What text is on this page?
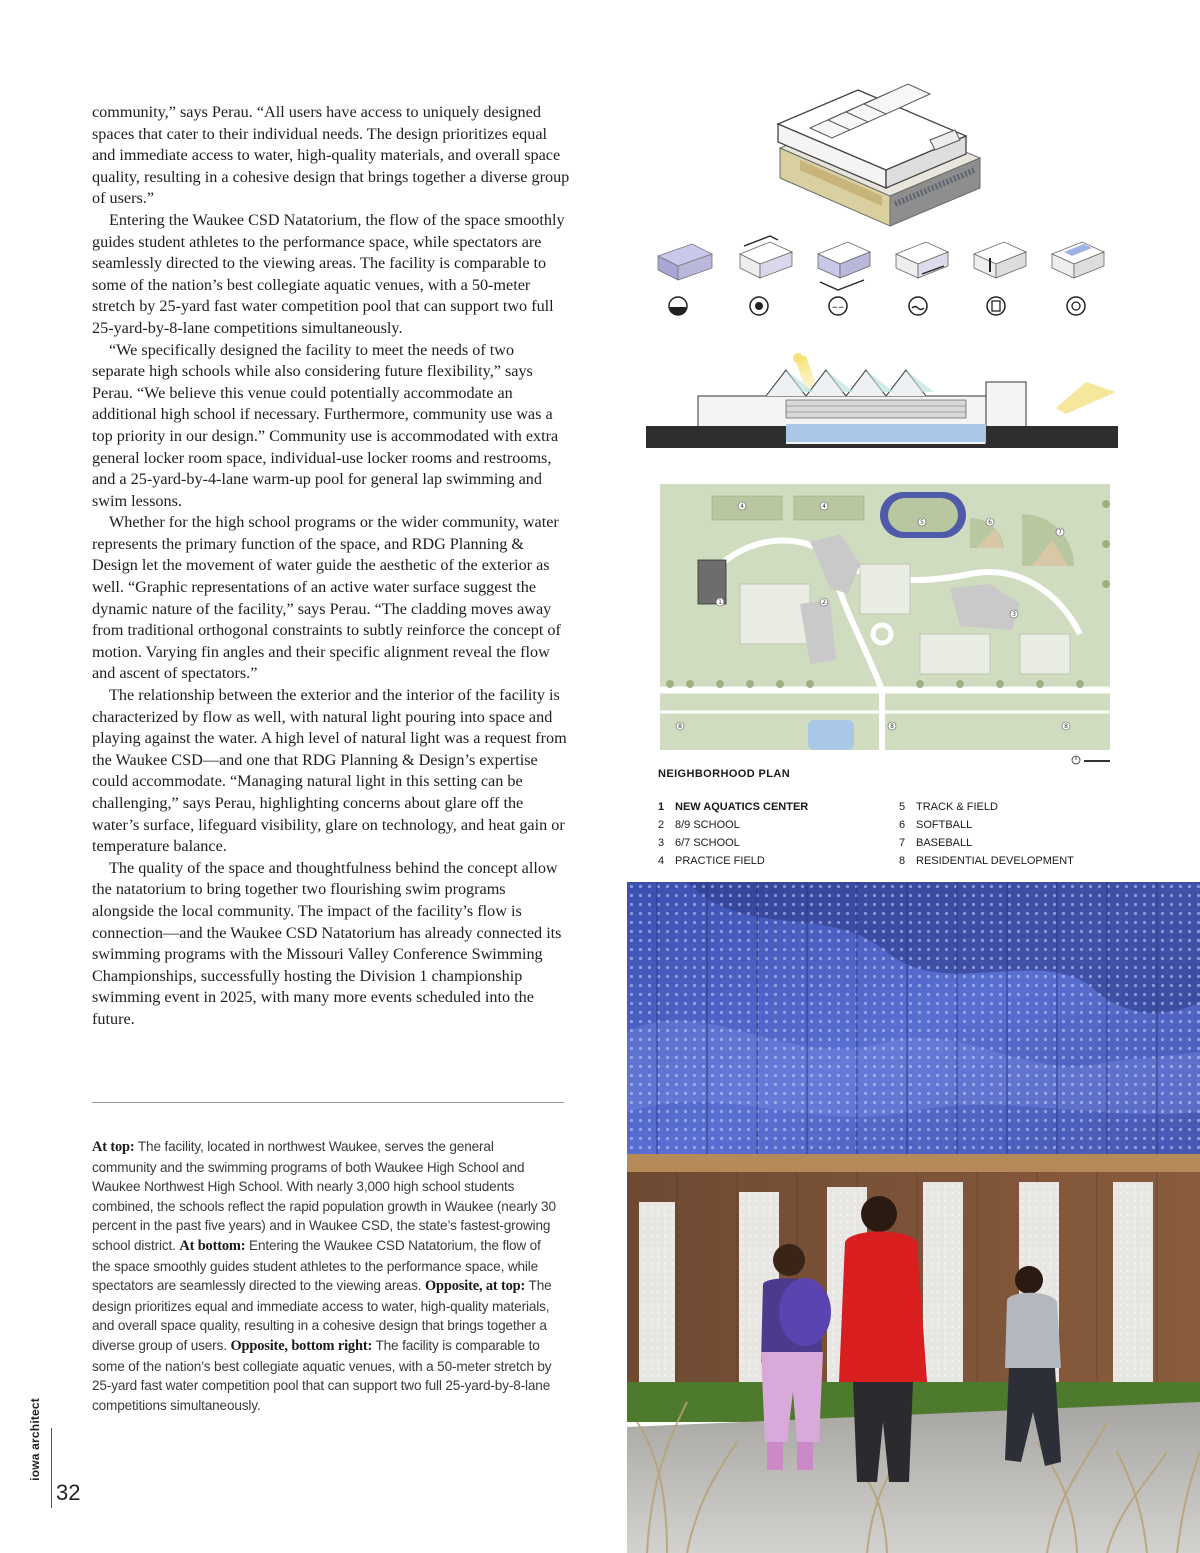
community,” says Perau. “All users have access to uniquely designed spaces that cater to their individual needs. The design prioritizes equal and immediate access to water, high-quality materials, and overall space quality, resulting in a cohesive design that brings together a diverse group of users.”

Entering the Waukee CSD Natatorium, the flow of the space smoothly guides student athletes to the performance space, while spectators are seamlessly directed to the viewing areas. The facility is comparable to some of the nation’s best collegiate aquatic venues, with a 50-meter stretch by 25-yard fast water competition pool that can support two full 25-yard-by-8-lane competitions simultaneously.

“We specifically designed the facility to meet the needs of two separate high schools while also considering future flexibility,” says Perau. “We believe this venue could potentially accommodate an additional high school if necessary. Furthermore, community use was a top priority in our design.” Community use is accommodated with extra general locker room space, individual-use locker rooms and restrooms, and a 25-yard-by-4-lane warm-up pool for general lap swimming and swim lessons.

Whether for the high school programs or the wider community, water represents the primary function of the space, and RDG Planning & Design let the movement of water guide the aesthetic of the exterior as well. “Graphic representations of an active water surface suggest the dynamic nature of the facility,” says Perau. “The cladding moves away from traditional orthogonal constraints to subtly reinforce the concept of motion. Varying fin angles and their specific alignment reveal the flow and ascent of spectators.”

The relationship between the exterior and the interior of the facility is characterized by flow as well, with natural light pouring into space and playing against the water. A high level of natural light was a request from the Waukee CSD—and one that RDG Planning & Design’s expertise could accommodate. “Managing natural light in this setting can be challenging,” says Perau, highlighting concerns about glare off the water’s surface, lifeguard visibility, glare on technology, and heat gain or temperature balance.

The quality of the space and thoughtfulness behind the concept allow the natatorium to bring together two flourishing swim programs alongside the local community. The impact of the facility’s flow is connection—and the Waukee CSD Natatorium has already connected its swimming programs with the Missouri Valley Conference Swimming Championships, successfully hosting the Division 1 championship swimming event in 2025, with many more events scheduled into the future.

At top: The facility, located in northwest Waukee, serves the general community and the swimming programs of both Waukee High School and Waukee Northwest High School. With nearly 3,000 high school students combined, the schools reflect the rapid population growth in Waukee (nearly 30 percent in the past five years) and in Waukee CSD, the state’s fastest-growing school district. At bottom: Entering the Waukee CSD Natatorium, the flow of the space smoothly guides student athletes to the performance space, while spectators are seamlessly directed to the viewing areas. Opposite, at top: The design prioritizes equal and immediate access to water, high-quality materials, and overall space quality, resulting in a cohesive design that brings together a diverse group of users. Opposite, bottom right: The facility is comparable to some of the nation’s best collegiate aquatic venues, with a 50-meter stretch by 25-yard fast water competition pool that can support two full 25-yard-by-8-lane competitions simultaneously.
iowa architect
32
ꕀꕀ
4	4
5	6
7
1	2
3
8	8	8
NEIGHBORHOOD PLAN
1 NEW AQUATICS CENTER
2 8/9 SCHOOL
3 6/7 SCHOOL
4 PRACTICE FIELD
5 TRACK & FIELD
6 SOFTBALL
7 BASEBALL
8 RESIDENTIAL DEVELOPMENT
